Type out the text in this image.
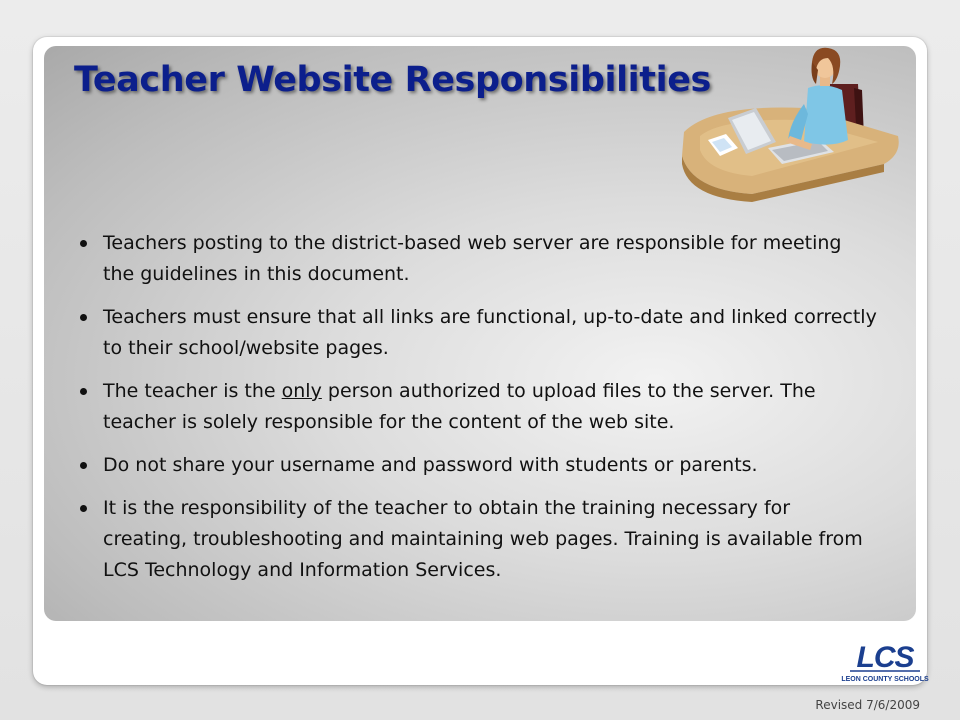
Teacher Website Responsibilities
Teachers posting to the district-based web server are responsible for meeting the guidelines in this document.
Teachers must ensure that all links are functional, up-to-date and linked correctly to their school/website pages.
The teacher is the only person authorized to upload files to the server. The teacher is solely responsible for the content of the web site.
Do not share your username and password with students or parents.
It is the responsibility of the teacher to obtain the training necessary for creating, troubleshooting and maintaining web pages. Training is available from LCS Technology and Information Services.
LCS
LEON COUNTY SCHOOLS
Revised 7/6/2009
